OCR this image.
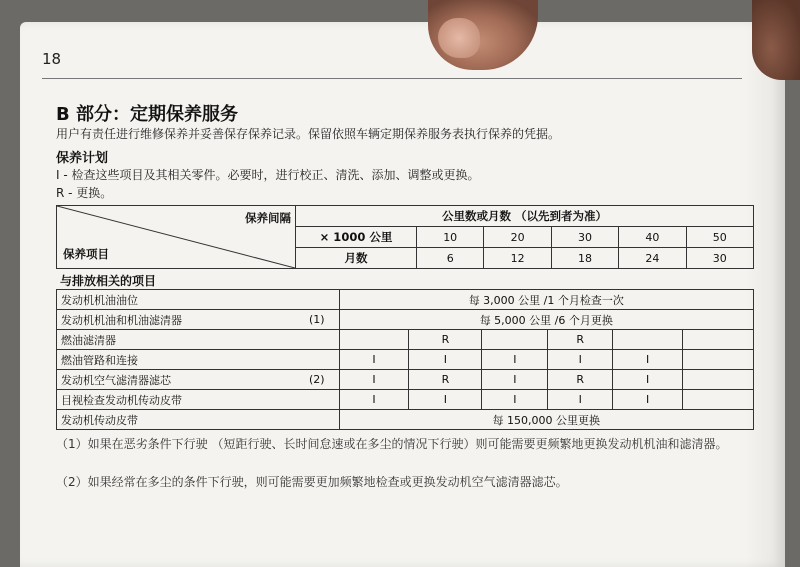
18
B 部分：定期保养服务
用户有责任进行维修保养并妥善保存保养记录。保留依照车辆定期保养服务表执行保养的凭据。
保养计划
I - 检查这些项目及其相关零件。必要时，进行校正、清洗、添加、调整或更换。
R - 更换。
保养间隔
保养项目	公里数或月数 （以先到者为准）					
	× 1000 公里	10	20	30	40	50
	月数	6	12	18	24	30
与排放相关的项目
发动机机油油位	每 3,000 公里 /1 个月检查一次					
发动机机油和机油滤清器 (1)	每 5,000 公里 /6 个月更换					
燃油滤清器		R		R		
燃油管路和连接	I	I	I	I	I	
发动机空气滤清器滤芯 (2)	I	R	I	R	I	
目视检查发动机传动皮带	I	I	I	I	I	
发动机传动皮带	每 150,000 公里更换					
（1）如果在恶劣条件下行驶 （短距行驶、长时间怠速或在多尘的情况下行驶）则可能需要更频繁地更换发动机机油和滤清器。
（2）如果经常在多尘的条件下行驶，则可能需要更加频繁地检查或更换发动机空气滤清器滤芯。
